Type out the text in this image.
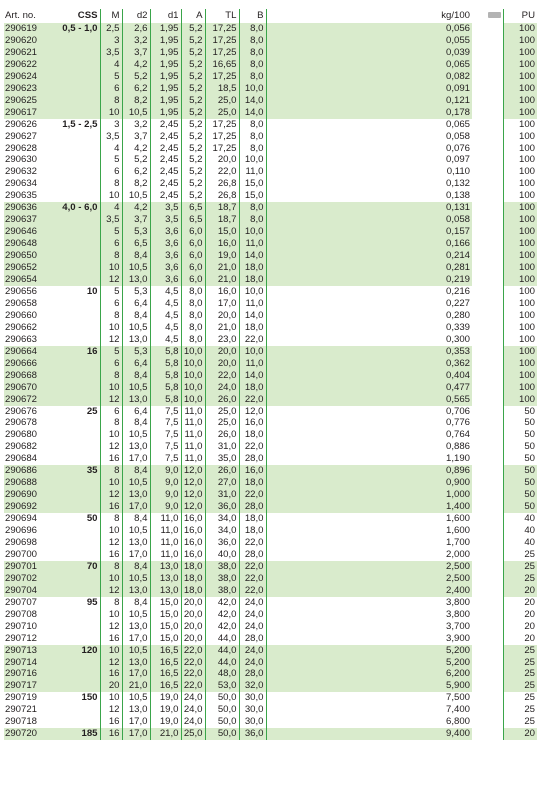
Art. no.	CSS	M	d2	d1	A	TL	B	kg/100		PU
290619	0,5 - 1,0	2,5	2,6	1,95	5,2	17,25	8,0	0,056		100
290620		3	3,2	1,95	5,2	17,25	8,0	0,055		100
290621		3,5	3,7	1,95	5,2	17,25	8,0	0,039		100
290622		4	4,2	1,95	5,2	16,65	8,0	0,065		100
290624		5	5,2	1,95	5,2	17,25	8,0	0,082		100
290623		6	6,2	1,95	5,2	18,5	10,0	0,091		100
290625		8	8,2	1,95	5,2	25,0	14,0	0,121		100
290617		10	10,5	1,95	5,2	25,0	14,0	0,178		100
290626	1,5 - 2,5	3	3,2	2,45	5,2	17,25	8,0	0,065		100
290627		3,5	3,7	2,45	5,2	17,25	8,0	0,058		100
290628		4	4,2	2,45	5,2	17,25	8,0	0,076		100
290630		5	5,2	2,45	5,2	20,0	10,0	0,097		100
290632		6	6,2	2,45	5,2	22,0	11,0	0,110		100
290634		8	8,2	2,45	5,2	26,8	15,0	0,132		100
290635		10	10,5	2,45	5,2	26,8	15,0	0,138		100
290636	4,0 - 6,0	4	4,2	3,5	6,5	18,7	8,0	0,131		100
290637		3,5	3,7	3,5	6,5	18,7	8,0	0,058		100
290646		5	5,3	3,6	6,0	15,0	10,0	0,157		100
290648		6	6,5	3,6	6,0	16,0	11,0	0,166		100
290650		8	8,4	3,6	6,0	19,0	14,0	0,214		100
290652		10	10,5	3,6	6,0	21,0	18,0	0,281		100
290654		12	13,0	3,6	6,0	21,0	18,0	0,219		100
290656	10	5	5,3	4,5	8,0	16,0	10,0	0,216		100
290658		6	6,4	4,5	8,0	17,0	11,0	0,227		100
290660		8	8,4	4,5	8,0	20,0	14,0	0,280		100
290662		10	10,5	4,5	8,0	21,0	18,0	0,339		100
290663		12	13,0	4,5	8,0	23,0	22,0	0,300		100
290664	16	5	5,3	5,8	10,0	20,0	10,0	0,353		100
290666		6	6,4	5,8	10,0	20,0	11,0	0,362		100
290668		8	8,4	5,8	10,0	22,0	14,0	0,404		100
290670		10	10,5	5,8	10,0	24,0	18,0	0,477		100
290672		12	13,0	5,8	10,0	26,0	22,0	0,565		100
290676	25	6	6,4	7,5	11,0	25,0	12,0	0,706		50
290678		8	8,4	7,5	11,0	25,0	16,0	0,776		50
290680		10	10,5	7,5	11,0	26,0	18,0	0,764		50
290682		12	13,0	7,5	11,0	31,0	22,0	0,886		50
290684		16	17,0	7,5	11,0	35,0	28,0	1,190		50
290686	35	8	8,4	9,0	12,0	26,0	16,0	0,896		50
290688		10	10,5	9,0	12,0	27,0	18,0	0,900		50
290690		12	13,0	9,0	12,0	31,0	22,0	1,000		50
290692		16	17,0	9,0	12,0	36,0	28,0	1,400		50
290694	50	8	8,4	11,0	16,0	34,0	18,0	1,600		40
290696		10	10,5	11,0	16,0	34,0	18,0	1,600		40
290698		12	13,0	11,0	16,0	36,0	22,0	1,700		40
290700		16	17,0	11,0	16,0	40,0	28,0	2,000		25
290701	70	8	8,4	13,0	18,0	38,0	22,0	2,500		25
290702		10	10,5	13,0	18,0	38,0	22,0	2,500		25
290704		12	13,0	13,0	18,0	38,0	22,0	2,400		20
290707	95	8	8,4	15,0	20,0	42,0	24,0	3,800		20
290708		10	10,5	15,0	20,0	42,0	24,0	3,800		20
290710		12	13,0	15,0	20,0	42,0	24,0	3,700		20
290712		16	17,0	15,0	20,0	44,0	28,0	3,900		20
290713	120	10	10,5	16,5	22,0	44,0	24,0	5,200		25
290714		12	13,0	16,5	22,0	44,0	24,0	5,200		25
290716		16	17,0	16,5	22,0	48,0	28,0	6,200		25
290717		20	21,0	16,5	22,0	53,0	32,0	5,900		25
290719	150	10	10,5	19,0	24,0	50,0	30,0	7,500		25
290721		12	13,0	19,0	24,0	50,0	30,0	7,400		25
290718		16	17,0	19,0	24,0	50,0	30,0	6,800		25
290720	185	16	17,0	21,0	25,0	50,0	36,0	9,400		20
